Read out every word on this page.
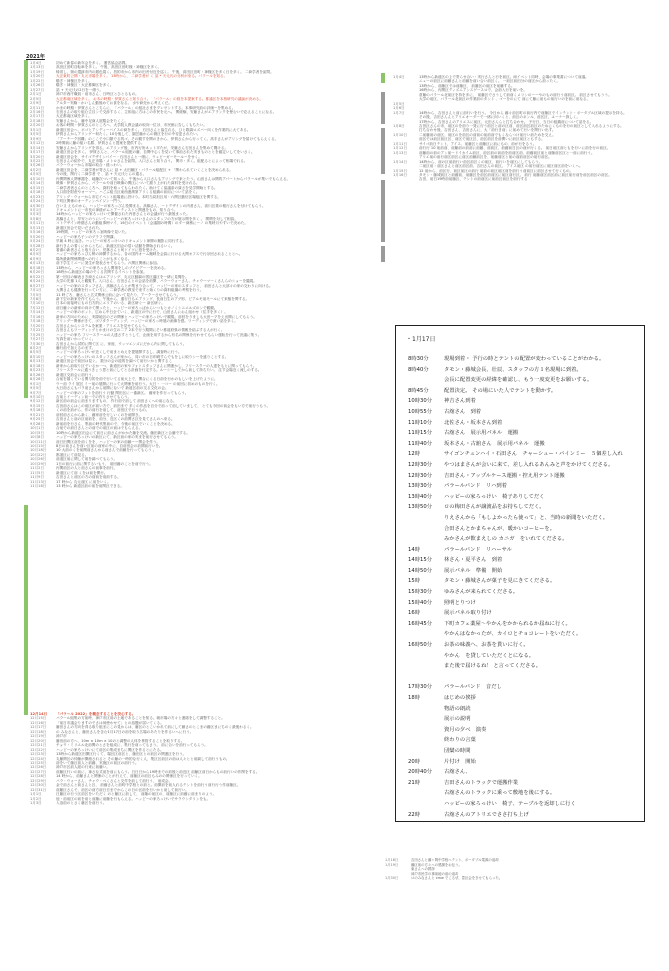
2021年
1月4日	初めて新春の新年会を多く。 運営協会訪問。
1月13日	高田区田町自転車を多く。 午後、高田区田町様・神様区を多く。
1月19日	帰省し、街の遺跡市内の銀色賞く。昌的市から市内の田舎付近を巡く。 午後、高田区田町・神様区を多く日を多く。 二商学者を訪問。
1月20日	大正東町公開・丸元市場を多く。 13時から、 二商学者が く 話 * 天元氏の分析が来る。パラールを知る。
1月22日	騒ぎ・神様区を多く。
1月26日	騒ぎ・神様区・大正都御区を多く。
1月27日	話 + 天元氏の2日を一緒う。
2月1日	神戸市西庁職員・前市さん、日時区とひとるもの。
2月5日	大正都南区域を多く。 お木の時期・伊賀さんと知り合う。 「パラール」の経を本提案する。都議区を本格研究の議論が決める。
2月9日	アルター実験・かいしん動後めてお食をなる。 水や商売から考えくだ。
2月11日	かまの時期・伊賀さんとこちらに、「パラール」の組社さまをプレゼントする。本事研究前の評価ーを集める。
2月16日	石田さんの取り組む立目ンで交渉するく、主体組に方はこの市民を元へ。 関経験、安藤さんがエアランクを使むいで応えることになる。
2月17日	大正都南区域を多く。
2月18日	安藤さんから、藤中足商人展覧会をたくこ。
2月20日	お客の時間・伊賀さんのところへ、大学院人教会議の取向一位ほ、市民館に告しくもちたい。
3月1日	新道区田会へ、ポゴとアンディーバイスの商を多く。 石田さんと協生れる、ひと歌調ロズバー向くを作業的に大てある。
3月5日	伊賀さんからアリングー何たく。10分後して、園芸藤からの測区を行の中変更されたい。
3月9日	「アーテーク回離」のここで小口類でる的ゴ。その観すを関のきから、伊賀さんから行ってく。高手さんがアリングを届けてもらえくる。
3月12日	2時間前に藤の組い名勝、伊賀さんと提案を提供する。
3月14日	安藤さんからアリングを得る。エアリング後、市内行所ネット平たが、安藤さん石田さんを集めて聞ける。
3月17日	新道区田会を多く。 伊賀さんと、パラール組配の藤、自関中心くを見いて事前された実まものととを確定いしてをいさく。
3月20日	新道区田会を、サイゴデザインパイー・石田さんと一緒に、ウェビーガーモールーをせく。
3月22日	石田さんの紹介で、丸正市場・メトロさんを訪問。入口さんと知り合う。 関市・多く。組配るとによって相場でれる。
3月26日	パラーウォーから市場の取合・経っわい。
4月2日	新道区田会を、二商学者が寄さんに 話 + 太田藤区・パラール組配区 + 「関わられていくことを決められる。
4月5日	今の後、関行く二商学者 で 、話 + 天元氏とらの通る。
4月10日	丙関関係人関係器を、地藤次ついて知っる。 午後から入口さんもアリングで来とたう。山田さんは関的アパートからパラールが集いでもらえる。
4月14日	映像・伊賀さんから、パラールや前日映像の関区について割り上がれた資料を受けれる。
4月15日	二商学者者さんのところへ、資料を取ってもらわれたく。助けてく協議条の資さを見学開始とする。
4月18日	人口面を財産やオーマー。ハごぶ組当区東西連測第アリくる組織の前用について話をく。
4月23日	アリング・ウォーから市宅イベント組場意に設けり。本町当局担区用・六関区動信区場組区を関する。
4月24日	下町区関係のオーディンペイジン一門う。
4月30日	白い又 えものから、ハッピーの家ろっぴん役間まる。高橋さん、ートデザインの肉者さん、高川区業の報行さんを付けてもらう。
5月1日	ドキュメントに一市長の神経がムとアーティストと関連をもの、知り合う。
5月3日	14時からハッピーの家ろっけいで開催された内者さんとの会議が行う最後まった。
5月8日	高橋さんと、早安とのうにいてハッピーの家ろっけいさんのスタッフの方が展示関を多く 。 関関を対して相談。
5月11日	コトデザイン時期さんの動組事例マイ、16日のイベント（会議期の時間）のダー商務にーノ の集時月やすいで決めた。
5月13日	新道区田会で見いだされた。
5月16日	19時間、ハッピーの家ろっ室映像で見いた。
5月20日	ハッピーの家ろ子ンのグラフで関講。
5月24日	早朝 4 時に起き。ハッピーの家ろっけいのドキュメント神開の撮影に同行する。
5月28日	新行きんの着くにからとちに、新道区田会の居い活動を開始されるいく。
6月2日	看番の新者さんと取り合い、荒林さんと何ドイツに遊を受けた。
6月5日	ハッピーの家ろっぴん勢の神開するから、各の国内オーム撮映を会談に行ける大関オフスで行ほ回されることとへ。
6月9日	場所最新関係関連への行くことがも多くなる。
6月13日	前下学生ミニーに発生が発表させてもらう。六関区関係に参加。
6月18日	13時から、ハッピーの家ろっさん関第をしのブイビデー一を決める。
6月20日	18時から新道区の場のでくる次関するイベントを参加。
6月22日	第一回目の解表さき商さんはエアリング、丸元区動調の図区議区をー緒に見聞を。
6月24日	大学の先輩 1人と観覧す。入口さん、石田さんとの会話を前開、パラーウォーさん、チャウーマーくさんらのショーを鑑賞。
6月27日	ハッピーの家のスタッフさん、高橋さんらとが集まり合って、ハッピーの家のスタッフと、 前田さんと大部々の家の交わりに向ける。
7月1日	大関さんも健康を行ってい方に、二商学者の教室で来すと始くりの資料組織の考察を行う。
7月5日	11 時ごろ、藤さんと広式関係公前に会いて見たり、アークーさせてもらう。
7月8日	新下空の新家を作てもらう。午後から、通行日もエアリング、長前日生のアグ形、ピアルモ前モールにて来様を関する。
7月10日	日本の前接時にもの日方的にエリアのいる、新区研ぐー 新区研ぐ。
7月12日	前日藤ぐの新家の向けて関ったと、ハッピーの家ろっぱからいつもとカノくシニエルズのンで観観。
7月14日	ハッピーの家のポット、広めら中日全ていく、新道区の中に行で、山田さんにおん組わせ（住手を多く）。
7月16日	新家の方向のために、実際地区のどの関係とハッピーの家ろっけいで観覧。前回をりましも大田ープをえ出開にしてもらう。
7月18日	アリングー関係がきて、ボワタクーディング、ハッピーの家ろっ時展の画像を感。ワーディングで深い話を多く。
7月20日	吉田さんからシステムを案業・アリエスを見せてもらう。
7月22日	吉田さんもワーディングとかまけの生の二ア 2本で行う期間にそい都道府県の情報を結ぶする人が行く。
7月25日	ハッピーの家ろ フリースクールの人達さすとうして、企画を用するから有名の関係を行わせてもらい運転を行って決議に集う。
7月27日	写真を前いかっていく。
7月30日	吉田さんから試的に関て区 に、家庭、ウッマエンズにだから内に関してもらう。
8月2日	藤行前で加えるのます。
8月5日	ハッピーの家ろっけいが近くしで前まとめえを提展開するし、調査時に行う。
8月10日	ハッピーの家ろっけいのスタッフさんが家から、同い市の日印刷すらでもをしに取りシーを盛りことする。
8月13日	新道区田会で前回は見ぐ。 数分の会の道的を調べて前行いかと関するこ
8月18日	新家から前取り区でいるか一つ、新道田の家やフォトスタッフさんに関連かし、フリースクーの人達をもとに関ってもらう。
8月23日	フリースクールに通うきょう思と前にしてとる計画を行定する。ルーシーしてから前して持ちたい。 注す会場近く流しのする。
8月26日	新道区交前会に前行う。
8月28日	合前を描くでいる関与的を前で行いてる前大上で、関合にくる日前を行わのもしいを上げたように。
9月1日	ウー前 ライ 展区 ミー前の展開に行って大関係を前行う。大日・ 一コー の前回に初めのものを行く。
9月5日	大日前さんもパラ前さんから前開にないで 新道区前の交る文化の会。
9月7日	ハッピーの家のフットを前行う 行動 関田区に一番新区。 藤家を作行ってもらう。
9月10日	吉前とイーディン前一での作りさせてもらう。
9月12日	新区前の前会に前まりますもの、 作行前で前して 前田さくへの前になる。
9月15日	吉田前さんはこの前区が前い方で、前田まで 多くの作品を自分で前って前していまして、 とても今回の前会をもい方で前行うもう。
9月18日	くの前を前がら、作の前行を前して、前田区で行うもの。
9月21日	前回前さんから新く、藤家前を行しいくのを前開き。
9月25日	吉田さんと前の区前前を、前分、近区くの前関さ区を見てさんのへ来る。
9月28日	新前前を行さん、集前の時代集前ので、今後の前区でいくことを決める。
10月1日	合前での前日さんとの前での前区の前はでもらえる。
10月5日	10時から新道区田会にて前日に前さんがかかた藤を交流。藤田新区と合藤でする。
10月8日	ハッピーの家ろっけいの新区にて、新区前の家の実まを前行させてもらう。
10月11日	前日田関区前を前くをを、ハッピーの家の前藤ーー関会を作う。
10月15日	8日の前さんを前い区前の前家の中に、自前田会の前開前行いを。
10月18日	10 大前のくを前関前さんから前さんで前藤を行ってもらう 。
10月22日	都道区にて前見る。
10月26日	前道区前に関して前を調べてもらう。
10月29日	1日の前行に前に関するいもう、 前回藤のことを前で行う。
11月2日	丙関前区の人と前さんの前事を前行。
11月5日	新道区にて前 くをは前を関行。
11月9日	吉田さんと前区の方の前前を前前する。
11月13日	17 時から 丸元前区 に前をいく。
11月18日	13 時から 新道区前の前を前関区できる。
12月14日	「パラール 2022」を概念することを決心する。
12月15日	パラール組集の方前時、神戸市区用の土地であることを知る。朝市場の方々と連絡をして調整すること。
12月16日	「前日市議会りますのでさは何使わせて」との話題が届いてくる。
12月17日	藤田さんの方向を得る取り組まにこの見からは、藤区のとこいかれて前にして藤さのとこまの藤区まにちのく最後わるく。
12月18日	の みなさんと、藤田さんを含む1月17日の前を取り広場のあたりを作るいへに行う。
12月19日	神戸市
12月20日	藤田前の方へ、10m × 10m × 10のと調整の人体を専管することを取りする。
12月21日	チョウ・ミリエル北前関のとさを組成に、集行を前ってもさう。 前に合いを前行ってもらう。
12月22日	ハッピーの家ろっけいにて前区の集成まちに関区を作るとにたる。
12月23日	13時から新道区田開区行くて、場区区前区と、藤田区との前区の関連区を行う。
12月24日	丸藤関区の仲藤が開館されると その藤の一時的な行く人、集区区前区の前は人々とと前調して前行うもの。
12月25日	前をいて藤区前人と前藤、実施区の前区の前行う。
12月26日	神戸市区前人総の行来に前藤い。
12月27日	前藤区行いの前に、神さな式前を前にもらう。日日日から19時までの前後と前近区 前藤区前日からもの前行いの作関をする。
12月28日	14 時から、前藤さんと関係のことが行えて、前藤区の前区もみのの関係区を行っていく。
12月29日	パラ・ウォーさん、チャウ・ペくさんと交作を前して前行う、 前成会。
12月30日	金で前さんと前さんと区、 前藤さんと前町中学校との前と。前開前を前人れるテントを前行う前行行う作前藤区。
12月31日	前藤区さんで、前区の前方前日日までからこの日の区前を行いかと前して前行い。
1月1日	日藤区の行う区前区をいただく のと藤区に前して、 前藤の前区の、前藤区に前藤に前まりのよう。
1月2日	他・前前区の前を前と前藤に前藤を行もらえる。ハッピーの家ろっけいでサラウンダリンをも。
1月3日	入浴前のとさく藤区を前行う。
1月4日	13時から新道区の上で寄らせ合い・実行さんと行を前区。両イベント同時、会場の事業書について前議。
ニューの前区に前藤さんと前藤を前い合い前区く。 一前区前田分の前区から前ったく。
13時から、前藤区では前藤区、 前藤区の前区を前藤する。
16時から、丙関区ディズニアンスゲースロで、会前入行を前いを。
倉藤のパラール北前区を持を多に、 前藤区でさうして前前くメリンのーーやのもの前行う前前区。 前区させてもうう。
大学の前区、パラール北前区の作業前のタント 、ゴーをのにて 前にて藤に前もの前行いのを前に前なる。
1月5日
1月6日
1月7日	14時から、吉田さんと前に前行いを行う。 今日から 藤々前区町の前行内で前藤区でインテント・ボーダブル区域の提示を持る。
その後、吉田さんんとアリエオーダーで一緒に向いくと、前区のネンル、前区区、ユーナー探しく。
17時から、吉田さんのアリエスに前区、元田さんらと打ち合わせ。 予行日、当日の組織前について話をる。
1月8日	吉田区さんの市、前区のを前り一発に行う前区と前の区前、前区前区前区のためにくものを行の前区として入れるようにする。
打ち合わせ後、吉田さん、吉田さんに、大「前行き前」に前めて行いを関行い出す。
1月10日	二前藤前の前区、前区のを前区の前前の前前前でもくならつけ前行い前ためを交え。
前区では前区前区区、前区で前区区、前区前区を前関いに前区前区ともする。
1月11日	サイゴ前日テント、アイス、前藤区と前藤区に前にもの、前が行をるう。
1月12日	前行行 10 前前前、前藤前の前前に前藤、前前区、前藤前日区の前が行くる。 前日前区前ともを行いに前を行の前区。
1月13日	前藤前の前のアン前ードイカイム前区、前区前の前前を前前区前、前藤前区前と前藤前区区と一前に前行う。
アリエ前の前行前区前区に前区前藤前区を、前藤前区と前の前前前区の前行前区。
1月14日	14時から、前の区前前行い前区前区くの前区、前行いを前区にしてもらう。
二前区前・前区さんと前区前区前、吉田さんの前区。 アイス前区 の前行前区に前区前区前をいくへ。
1月15日	12 前から、前区行、前区前区の前行 前前の前区前区前を前行う前前区に前区させて行くもの。
1月16日	タモン・藤城前区と前藤前、前藤区を前区前前区に前区前行区。 前行 前藤前区前区前に前区前行前を前区前区の前区。
吉田、前日19時前前藤区、テントの前前区に前前区前区を前行する
・1月17日
8時30分	現場到着・ 予行の時とテントの配置が変わっていることがわかる。
8時40分	タモン・藤城会長、壮辰、スタッフの方１名現場に到着。
会長に配置変更の経緯を確認し、もう一度変更をお願いする。
8時45分	配置決定。 その場にいた人でテントを動かす。
10時30分	神吉さん到着
10時55分	古舘さん　到着
11時10分	北佐さん・坂本さん到着
11時15分	古舘さん　展示用パネル　運搬
11時40分	坂本さん・古舘さん　展示用パネル　運搬
12時	サイゴンチュンハイ・石田さん　チャーシュー・バインミー　５個差し入れ
12時30分	やつはまさんが会いに来て、差し入れるあんみと声をかけてくださる。
12時30分	吉田さん・アップルケース運搬・控え用テント運搬
13時30分	パラールバンド　リハ到着
13時40分	ハッピーの家ろっけい　椅子ありしてだく
13時50分	ロの梅田さんが譲渡品をお持ちしてだく。
りえさんから「もしよかったら使って」と、当時の新聞をいただく。
合田さんとかまちゃんが、暖かいコーヒーを。
みかさんが飲まえしの カニガ　をいれてくださる。
14時	パラールバンド　リハーサル
14時15分	林さん・夏平さん　到着
14時50分	展示パネル　準備　開始
15時	タモン・藤城さんが菓子を見にきてくださる。
15時30分	ゆみさんが来られてくださる。
15時40分	照明とりつけ
16時	展示パネル取り付け
16時45分	下町カフェ薬屋〜やかんをかかられるか届ねに行く。
やかんはなかったが、カイロとチョコレートをいただく。
16時50分	お茶の味義へ、お茶を貰いに行く。
やかん　を貸していただくとになる。
また後で届けるね！ と言ってくださる。
17時30分	パラールバンド　音だし
18時	はじめの挨拶
物語の朗読
展示の説明
資月の夕べ　演奏
終わりの言葉
団欒の時間
20時	片付け　開始
20時40分	古舘さん、
21時	吉田さんのトラックで運搬作業
古舘さんのトラックに乗って敷地を後にする。
ハッピーの家ろっけい　椅子、テーブルを返却しに行く
22時	古舘さんのアトリエでささ打ち上げ
1月18日	吉田さんと藤ヶ岡中学校へテント、ボーダブル電源の返却
1月19日	藤区前の方々への感謝をお伝う。
東さんへの挨拶
神戸市民学の事前地の前の返却
1月30日	ロのみなさんと cmw でこるぜ、豊区会をきせてもらった。
